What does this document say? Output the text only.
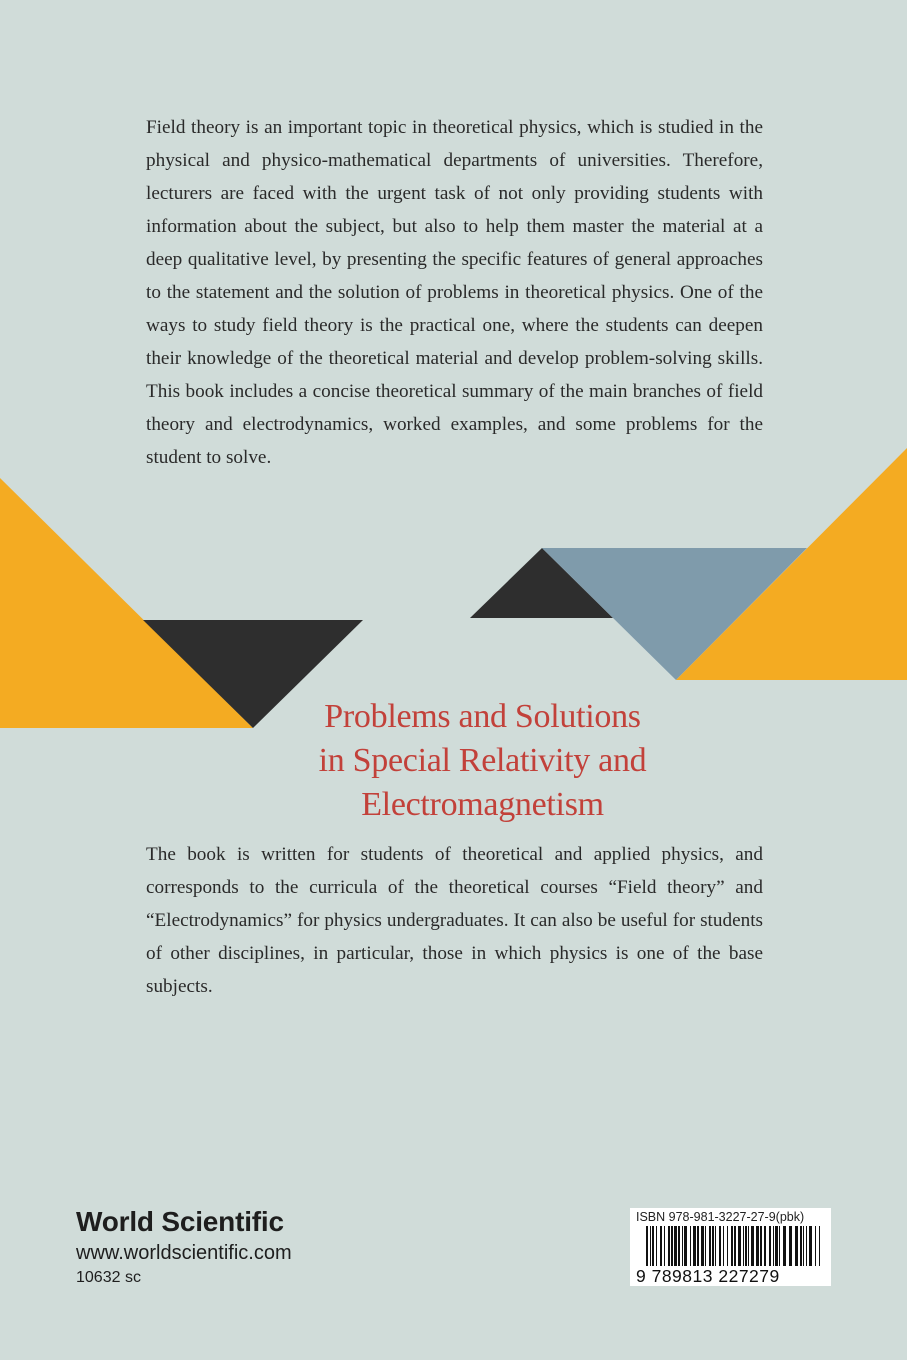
Field theory is an important topic in theoretical physics, which is studied in the physical and physico-mathematical departments of universities. Therefore, lecturers are faced with the urgent task of not only providing students with information about the subject, but also to help them master the material at a deep qualitative level, by presenting the specific features of general approaches to the statement and the solution of problems in theoretical physics. One of the ways to study field theory is the practical one, where the students can deepen their knowledge of the theoretical material and develop problem-solving skills. This book includes a concise theoretical summary of the main branches of field theory and electrodynamics, worked examples, and some problems for the student to solve.

Problems and Solutions
in Special Relativity and
Electromagnetism

The book is written for students of theoretical and applied physics, and corresponds to the curricula of the theoretical courses “Field theory” and “Electrodynamics” for physics undergraduates. It can also be useful for students of other disciplines, in particular, those in which physics is one of the base subjects.

World Scientific
www.worldscientific.com
10632 sc
ISBN 978-981-3227-27-9(pbk)
9 789813 227279
